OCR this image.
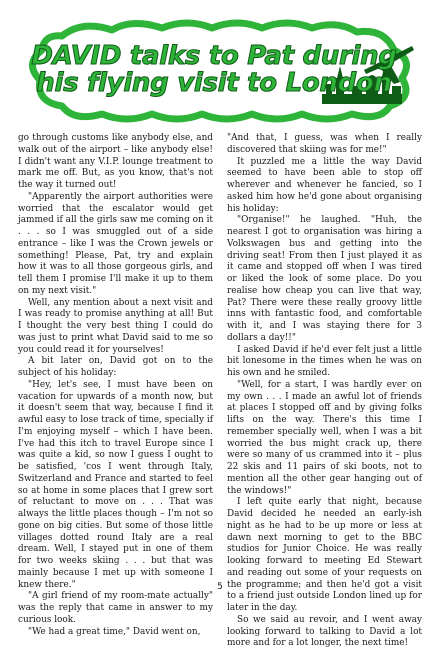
DAVID talks to Pat during
his flying visit to London

go through customs like anybody else, and walk out of the airport – like anybody else! I didn't want any V.I.P. lounge treatment to mark me off. But, as you know, that's not the way it turned out!

"Apparently the airport authorities were worried that the escalator would get jammed if all the girls saw me coming on it . . . so I was smuggled out of a side entrance – like I was the Crown jewels or something! Please, Pat, try and explain how it was to all those gorgeous girls, and tell them I promise I'll make it up to them on my next visit."

Well, any mention about a next visit and I was ready to promise anything at all! But I thought the very best thing I could do was just to print what David said to me so you could read it for yourselves!

A bit later on, David got on to the subject of his holiday:

"Hey, let's see, I must have been on vacation for upwards of a month now, but it doesn't seem that way, because I find it awful easy to lose track of time, specially if I'm enjoying myself – which I have been. I've had this itch to travel Europe since I was quite a kid, so now I guess I ought to be satisfied, 'cos I went through Italy, Switzerland and France and started to feel so at home in some places that I grew sort of reluctant to move on . . . That was always the little places though – I'm not so gone on big cities. But some of those little villages dotted round Italy are a real dream. Well, I stayed put in one of them for two weeks skiing . . . but that was mainly because I met up with someone I knew there."

"A girl friend of my room-mate actually" was the reply that came in answer to my curious look.

"We had a great time," David went on,

"And that, I guess, was when I really discovered that skiing was for me!"

It puzzled me a little the way David seemed to have been able to stop off wherever and whenever he fancied, so I asked him how he'd gone about organising his holiday:

"Organise!" he laughed. "Huh, the nearest I got to organisation was hiring a Volkswagen bus and getting into the driving seat! From then I just played it as it came and stopped off when I was tired or liked the look of some place. Do you realise how cheap you can live that way, Pat? There were these really groovy little inns with fantastic food, and comfortable with it, and I was staying there for 3 dollars a day!!"

I asked David if he'd ever felt just a little bit lonesome in the times when he was on his own and he smiled.

"Well, for a start, I was hardly ever on my own . . . I made an awful lot of friends at places I stopped off and by giving folks lifts on the way. There's this time I remember specially well, when I was a bit worried the bus might crack up, there were so many of us crammed into it – plus 22 skis and 11 pairs of ski boots, not to mention all the other gear hanging out of the windows!"

I left quite early that night, because David decided he needed an early-ish night as he had to be up more or less at dawn next morning to get to the BBC studios for Junior Choice. He was really looking forward to meeting Ed Stewart and reading out some of your requests on the programme; and then he'd got a visit to a friend just outside London lined up for later in the day.

So we said au revoir, and I went away looking forward to talking to David a lot more and for a lot longer, the next time!

5
